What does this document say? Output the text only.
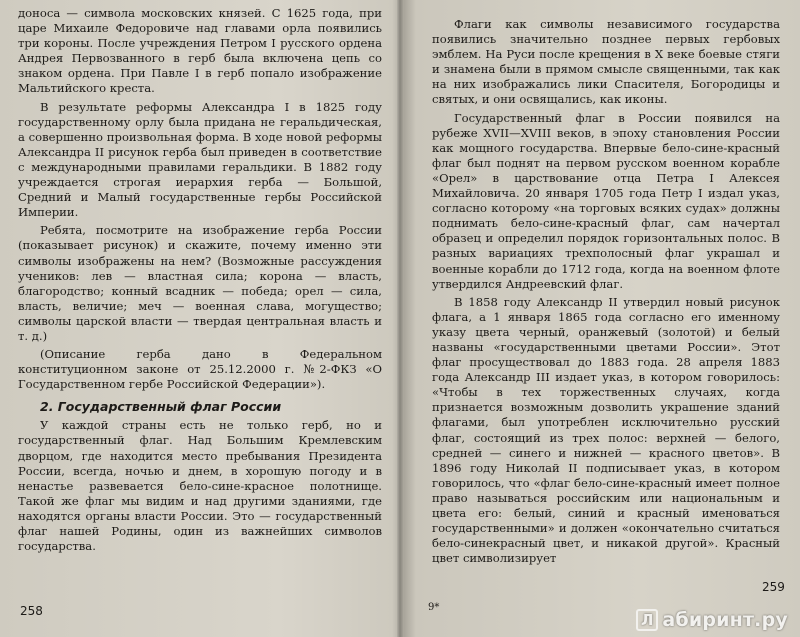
доноса — символа московских князей. С 1625 года, при царе Михаиле Федоровиче над главами орла появились три короны. После учреждения Петром I русского ордена Андрея Первозванного в герб была включена цепь со знаком ордена. При Павле I в герб попало изображение Мальтийского креста.

В результате реформы Александра I в 1825 году государственному орлу была придана не геральдическая, а совершенно произвольная форма. В ходе новой реформы Александра II рисунок герба был приведен в соответствие с международными правилами геральдики. В 1882 году учреждается строгая иерархия герба — Большой, Средний и Малый государственные гербы Российской Империи.

Ребята, посмотрите на изображение герба России (показывает рисунок) и скажите, почему именно эти символы изображены на нем? (Возможные рассуждения учеников: лев — властная сила; корона — власть, благородство; конный всадник — победа; орел — сила, власть, величие; меч — военная слава, могущество; символы царской власти — твердая центральная власть и т. д.)

(Описание герба дано в Федеральном конституционном законе от 25.12.2000 г. №2-ФКЗ «О Государственном гербе Российской Федерации»).

2. Государственный флаг России

У каждой страны есть не только герб, но и государственный флаг. Над Большим Кремлевским дворцом, где находится место пребывания Президента России, всегда, ночью и днем, в хорошую погоду и в ненастье развевается бело-сине-красное полотнище. Такой же флаг мы видим и над другими зданиями, где находятся органы власти России. Это — государственный флаг нашей Родины, один из важнейших символов государства.

258

Флаги как символы независимого государства появились значительно позднее первых гербовых эмблем. На Руси после крещения в X веке боевые стяги и знамена были в прямом смысле священными, так как на них изображались лики Спасителя, Богородицы и святых, и они освящались, как иконы.

Государственный флаг в России появился на рубеже XVII—XVIII веков, в эпоху становления России как мощного государства. Впервые бело-сине-красный флаг был поднят на первом русском военном корабле «Орел» в царствование отца Петра I Алексея Михайловича. 20 января 1705 года Петр I издал указ, согласно которому «на торговых всяких судах» должны поднимать бело-сине-красный флаг, сам начертал образец и определил порядок горизонтальных полос. В разных вариациях трехполосный флаг украшал и военные корабли до 1712 года, когда на военном флоте утвердился Андреевский флаг.

В 1858 году Александр II утвердил новый рисунок флага, а 1 января 1865 года согласно его именному указу цвета черный, оранжевый (золотой) и белый названы «государственными цветами России». Этот флаг просуществовал до 1883 года. 28 апреля 1883 года Александр III издает указ, в котором говорилось: «Чтобы в тех торжественных случаях, когда признается возможным дозволить украшение зданий флагами, был употреблен исключительно русский флаг, состоящий из трех полос: верхней — белого, средней — синего и нижней — красного цветов». В 1896 году Николай II подписывает указ, в котором говорилось, что «флаг бело-сине-красный имеет полное право называться российским или национальным и цвета его: белый, синий и красный именоваться государственными» и должен «окончательно считаться бело-синекрасный цвет, и никакой другой». Красный цвет символизирует

9*
259
Л абиринт.ру
